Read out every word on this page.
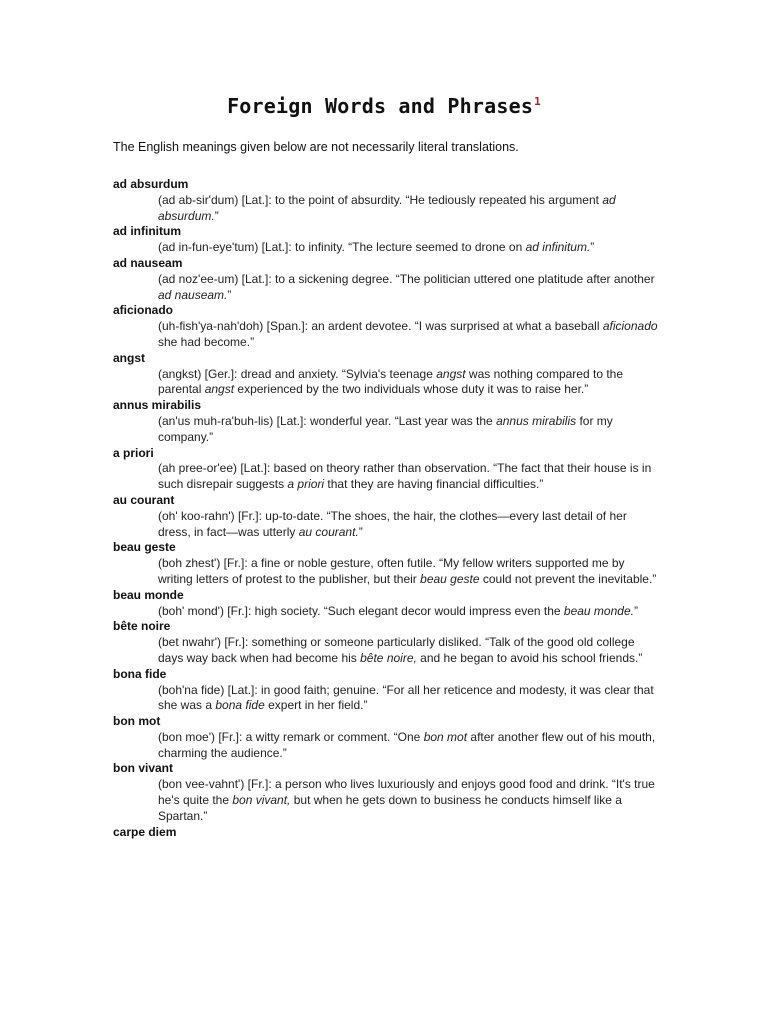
Foreign Words and Phrases$^1$
The English meanings given below are not necessarily literal translations.
ad absurdum
(ad ab-sir'dum) [Lat.]: to the point of absurdity. “He tediously repeated his argument ad absurdum.”
ad infinitum
(ad in-fun-eye'tum) [Lat.]: to infinity. “The lecture seemed to drone on ad infinitum.”
ad nauseam
(ad noz'ee-um) [Lat.]: to a sickening degree. “The politician uttered one platitude after another ad nauseam.”
aficionado
(uh-fish'ya-nah'doh) [Span.]: an ardent devotee. “I was surprised at what a baseball aficionado she had become.”
angst
(angkst) [Ger.]: dread and anxiety. “Sylvia's teenage angst was nothing compared to the parental angst experienced by the two individuals whose duty it was to raise her.”
annus mirabilis
(an'us muh-ra'buh-lis) [Lat.]: wonderful year. “Last year was the annus mirabilis for my company.”
a priori
(ah pree-or'ee) [Lat.]: based on theory rather than observation. “The fact that their house is in such disrepair suggests a priori that they are having financial difficulties.”
au courant
(oh' koo-rahn') [Fr.]: up-to-date. “The shoes, the hair, the clothes—every last detail of her dress, in fact—was utterly au courant.”
beau geste
(boh zhest') [Fr.]: a fine or noble gesture, often futile. “My fellow writers supported me by writing letters of protest to the publisher, but their beau geste could not prevent the inevitable.”
beau monde
(boh' mond') [Fr.]: high society. “Such elegant decor would impress even the beau monde.”
bête noire
(bet nwahr') [Fr.]: something or someone particularly disliked. “Talk of the good old college days way back when had become his bête noire, and he began to avoid his school friends.”
bona fide
(boh'na fide) [Lat.]: in good faith; genuine. “For all her reticence and modesty, it was clear that she was a bona fide expert in her field.”
bon mot
(bon moe') [Fr.]: a witty remark or comment. “One bon mot after another flew out of his mouth, charming the audience.”
bon vivant
(bon vee-vahnt') [Fr.]: a person who lives luxuriously and enjoys good food and drink. “It's true he's quite the bon vivant, but when he gets down to business he conducts himself like a Spartan.”
carpe diem
